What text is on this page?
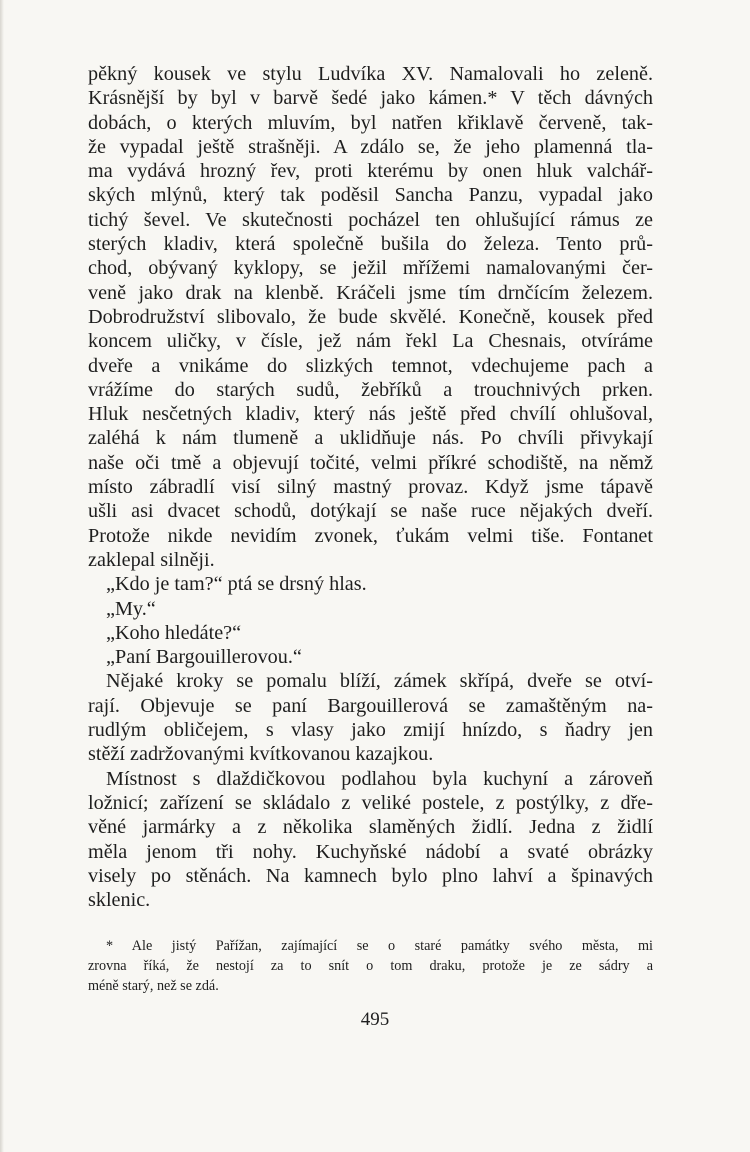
pěkný kousek ve stylu Ludvíka XV. Namalovali ho zeleně.
Krásnější by byl v barvě šedé jako kámen.* V těch dávných
dobách, o kterých mluvím, byl natřen křiklavě červeně, tak-
že vypadal ještě strašněji. A zdálo se, že jeho plamenná tla-
ma vydává hrozný řev, proti kterému by onen hluk valchář-
ských mlýnů, který tak poděsil Sancha Panzu, vypadal jako
tichý ševel. Ve skutečnosti pocházel ten ohlušující rámus ze
sterých kladiv, která společně bušila do železa. Tento prů-
chod, obývaný kyklopy, se ježil mřížemi namalovanými čer-
veně jako drak na klenbě. Kráčeli jsme tím drnčícím železem.
Dobrodružství slibovalo, že bude skvělé. Konečně, kousek před
koncem uličky, v čísle, jež nám řekl La Chesnais, otvíráme
dveře a vnikáme do slizkých temnot, vdechujeme pach a
vrážíme do starých sudů, žebříků a trouchnivých prken.
Hluk nesčetných kladiv, který nás ještě před chvílí ohlušoval,
zaléhá k nám tlumeně a uklidňuje nás. Po chvíli přivykají
naše oči tmě a objevují točité, velmi příkré schodiště, na němž
místo zábradlí visí silný mastný provaz. Když jsme tápavě
ušli asi dvacet schodů, dotýkají se naše ruce nějakých dveří.
Protože nikde nevidím zvonek, ťukám velmi tiše. Fontanet
zaklepal silněji.
„Kdo je tam?“ ptá se drsný hlas.
„My.“
„Koho hledáte?“
„Paní Bargouillerovou.“
Nějaké kroky se pomalu blíží, zámek skřípá, dveře se otví-
rají. Objevuje se paní Bargouillerová se zamaštěným na-
rudlým obličejem, s vlasy jako zmijí hnízdo, s ňadry jen
stěží zadržovanými kvítkovanou kazajkou.
Místnost s dlaždičkovou podlahou byla kuchyní a zároveň
ložnicí; zařízení se skládalo z veliké postele, z postýlky, z dře-
věné jarmárky a z několika slaměných židlí. Jedna z židlí
měla jenom tři nohy. Kuchyňské nádobí a svaté obrázky
visely po stěnách. Na kamnech bylo plno lahví a špinavých
sklenic.
* Ale jistý Pařížan, zajímající se o staré památky svého města, mi
zrovna říká, že nestojí za to snít o tom draku, protože je ze sádry a
méně starý, než se zdá.
495
